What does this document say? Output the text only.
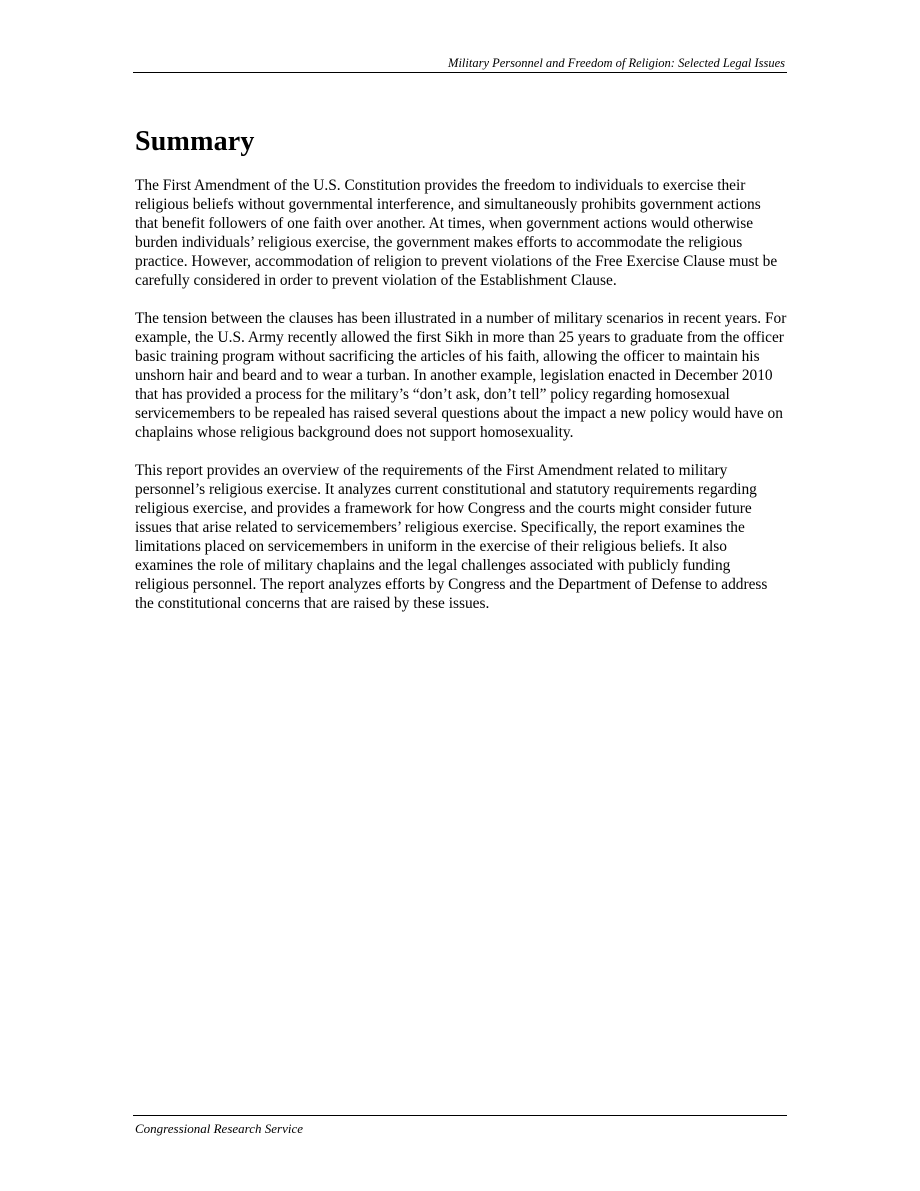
Military Personnel and Freedom of Religion: Selected Legal Issues
Summary

The First Amendment of the U.S. Constitution provides the freedom to individuals to exercise their religious beliefs without governmental interference, and simultaneously prohibits government actions that benefit followers of one faith over another. At times, when government actions would otherwise burden individuals’ religious exercise, the government makes efforts to accommodate the religious practice. However, accommodation of religion to prevent violations of the Free Exercise Clause must be carefully considered in order to prevent violation of the Establishment Clause.

The tension between the clauses has been illustrated in a number of military scenarios in recent years. For example, the U.S. Army recently allowed the first Sikh in more than 25 years to graduate from the officer basic training program without sacrificing the articles of his faith, allowing the officer to maintain his unshorn hair and beard and to wear a turban. In another example, legislation enacted in December 2010 that has provided a process for the military’s “don’t ask, don’t tell” policy regarding homosexual servicemembers to be repealed has raised several questions about the impact a new policy would have on chaplains whose religious background does not support homosexuality.

This report provides an overview of the requirements of the First Amendment related to military personnel’s religious exercise. It analyzes current constitutional and statutory requirements regarding religious exercise, and provides a framework for how Congress and the courts might consider future issues that arise related to servicemembers’ religious exercise. Specifically, the report examines the limitations placed on servicemembers in uniform in the exercise of their religious beliefs. It also examines the role of military chaplains and the legal challenges associated with publicly funding religious personnel. The report analyzes efforts by Congress and the Department of Defense to address the constitutional concerns that are raised by these issues.

Congressional Research Service
